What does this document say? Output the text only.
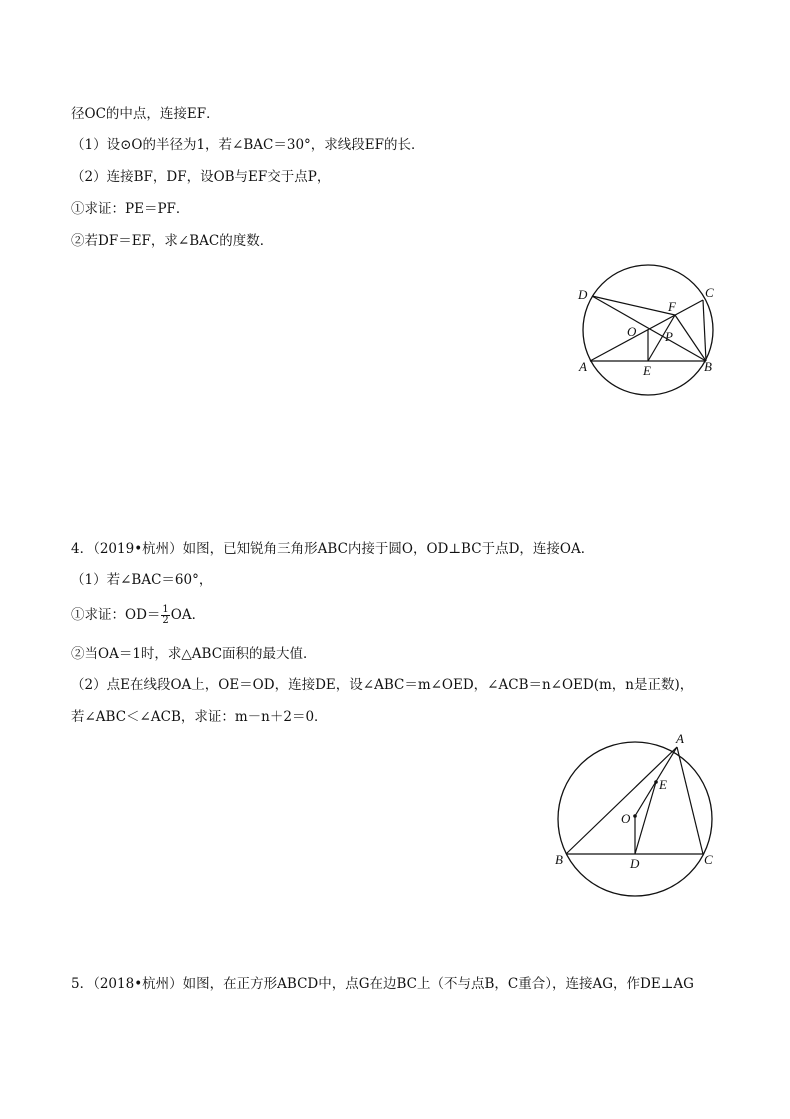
径OC的中点，连接EF．
（1）设⊙O的半径为1，若∠BAC＝30°，求线段EF的长．
（2）连接BF，DF，设OB与EF交于点P，
①求证：PE＝PF．
②若DF＝EF，求∠BAC的度数．
D	C
F
O P
A	E	B
4．（2019•杭州）如图，已知锐角三角形ABC内接于圆O，OD⊥BC于点D，连接OA．
（1）若∠BAC＝60°，
①求证：$OD= \frac{1}{2}$ OA．
②当OA＝1时，求△ABC面积的最大值．
（2）点E在线段OA上，OE＝OD，连接DE，设∠ABC＝m∠OED，∠ACB＝n∠OED(m，n是正数)，
若∠ABC＜∠ACB，求证：m－n＋2＝0．
A
E
O
B	D	C
5．（2018•杭州）如图，在正方形ABCD中，点G在边BC上（不与点B，C重合），连接AG，作DE⊥AG
